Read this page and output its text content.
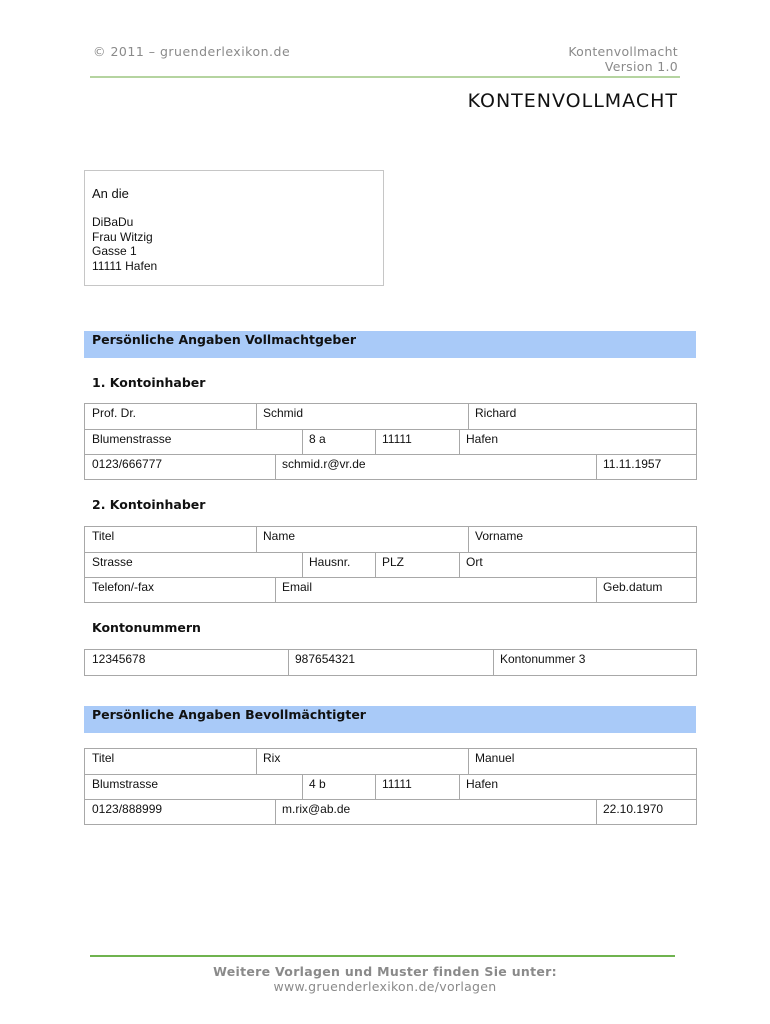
© 2011 – gruenderlexikon.de	Kontenvollmacht
Version 1.0
KONTENVOLLMACHT
An die
DiBaDu
Frau Witzig
Gasse 1
11111 Hafen
Persönliche Angaben Vollmachtgeber
1. Kontoinhaber
Prof. Dr.	Schmid	Richard
Blumenstrasse	8 a	11111	Hafen
0123/666777	schmid.r@vr.de	11.11.1957
2. Kontoinhaber
Titel	Name	Vorname
Strasse	Hausnr.	PLZ	Ort
Telefon/-fax	Email	Geb.datum
Kontonummern
12345678	987654321	Kontonummer 3
Persönliche Angaben Bevollmächtigter
Titel	Rix	Manuel
Blumstrasse	4 b	11111	Hafen
0123/888999	m.rix@ab.de	22.10.1970
Weitere Vorlagen und Muster finden Sie unter:
www.gruenderlexikon.de/vorlagen
